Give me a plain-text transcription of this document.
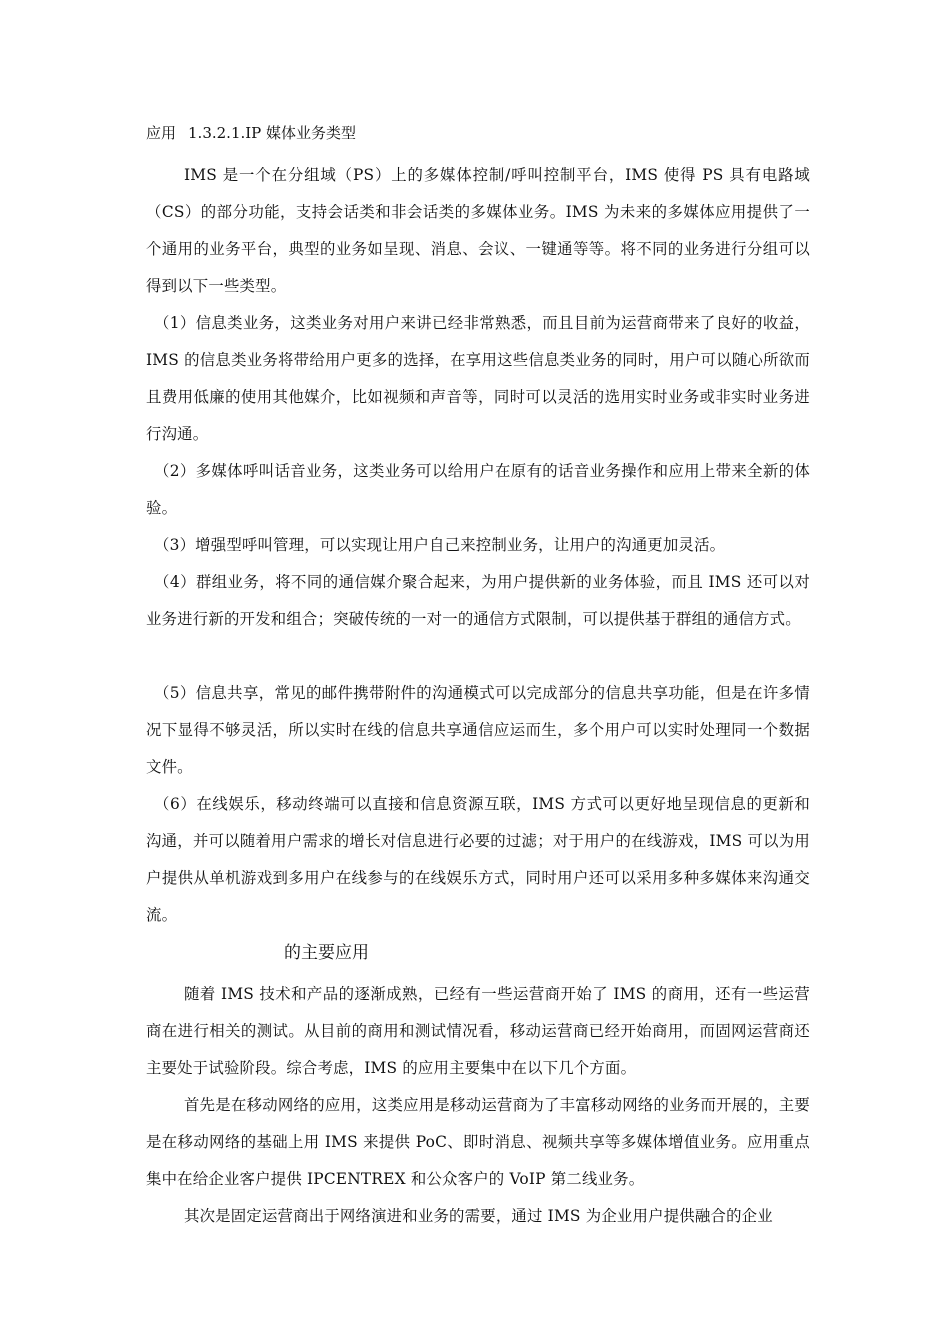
应用 1.3.2.1.IP 媒体业务类型
IMS 是一个在分组域（PS）上的多媒体控制/呼叫控制平台，IMS 使得 PS 具有电路域（CS）的部分功能，支持会话类和非会话类的多媒体业务。IMS 为未来的多媒体应用提供了一个通用的业务平台，典型的业务如呈现、消息、会议、一键通等等。将不同的业务进行分组可以得到以下一些类型。
（1）信息类业务，这类业务对用户来讲已经非常熟悉，而且目前为运营商带来了良好的收益，IMS 的信息类业务将带给用户更多的选择，在享用这些信息类业务的同时，用户可以随心所欲而且费用低廉的使用其他媒介，比如视频和声音等，同时可以灵活的选用实时业务或非实时业务进行沟通。
（2）多媒体呼叫话音业务，这类业务可以给用户在原有的话音业务操作和应用上带来全新的体验。
（3）增强型呼叫管理，可以实现让用户自己来控制业务，让用户的沟通更加灵活。
（4）群组业务，将不同的通信媒介聚合起来，为用户提供新的业务体验，而且 IMS 还可以对业务进行新的开发和组合；突破传统的一对一的通信方式限制，可以提供基于群组的通信方式。
（5）信息共享，常见的邮件携带附件的沟通模式可以完成部分的信息共享功能，但是在许多情况下显得不够灵活，所以实时在线的信息共享通信应运而生，多个用户可以实时处理同一个数据文件。
（6）在线娱乐，移动终端可以直接和信息资源互联，IMS 方式可以更好地呈现信息的更新和沟通，并可以随着用户需求的增长对信息进行必要的过滤；对于用户的在线游戏，IMS 可以为用户提供从单机游戏到多用户在线参与的在线娱乐方式，同时用户还可以采用多种多媒体来沟通交流。
的主要应用
随着 IMS 技术和产品的逐渐成熟，已经有一些运营商开始了 IMS 的商用，还有一些运营商在进行相关的测试。从目前的商用和测试情况看，移动运营商已经开始商用，而固网运营商还主要处于试验阶段。综合考虑，IMS 的应用主要集中在以下几个方面。
首先是在移动网络的应用，这类应用是移动运营商为了丰富移动网络的业务而开展的，主要是在移动网络的基础上用 IMS 来提供 PoC、即时消息、视频共享等多媒体增值业务。应用重点集中在给企业客户提供 IPCENTREX 和公众客户的 VoIP 第二线业务。
其次是固定运营商出于网络演进和业务的需要，通过 IMS 为企业用户提供融合的企业
